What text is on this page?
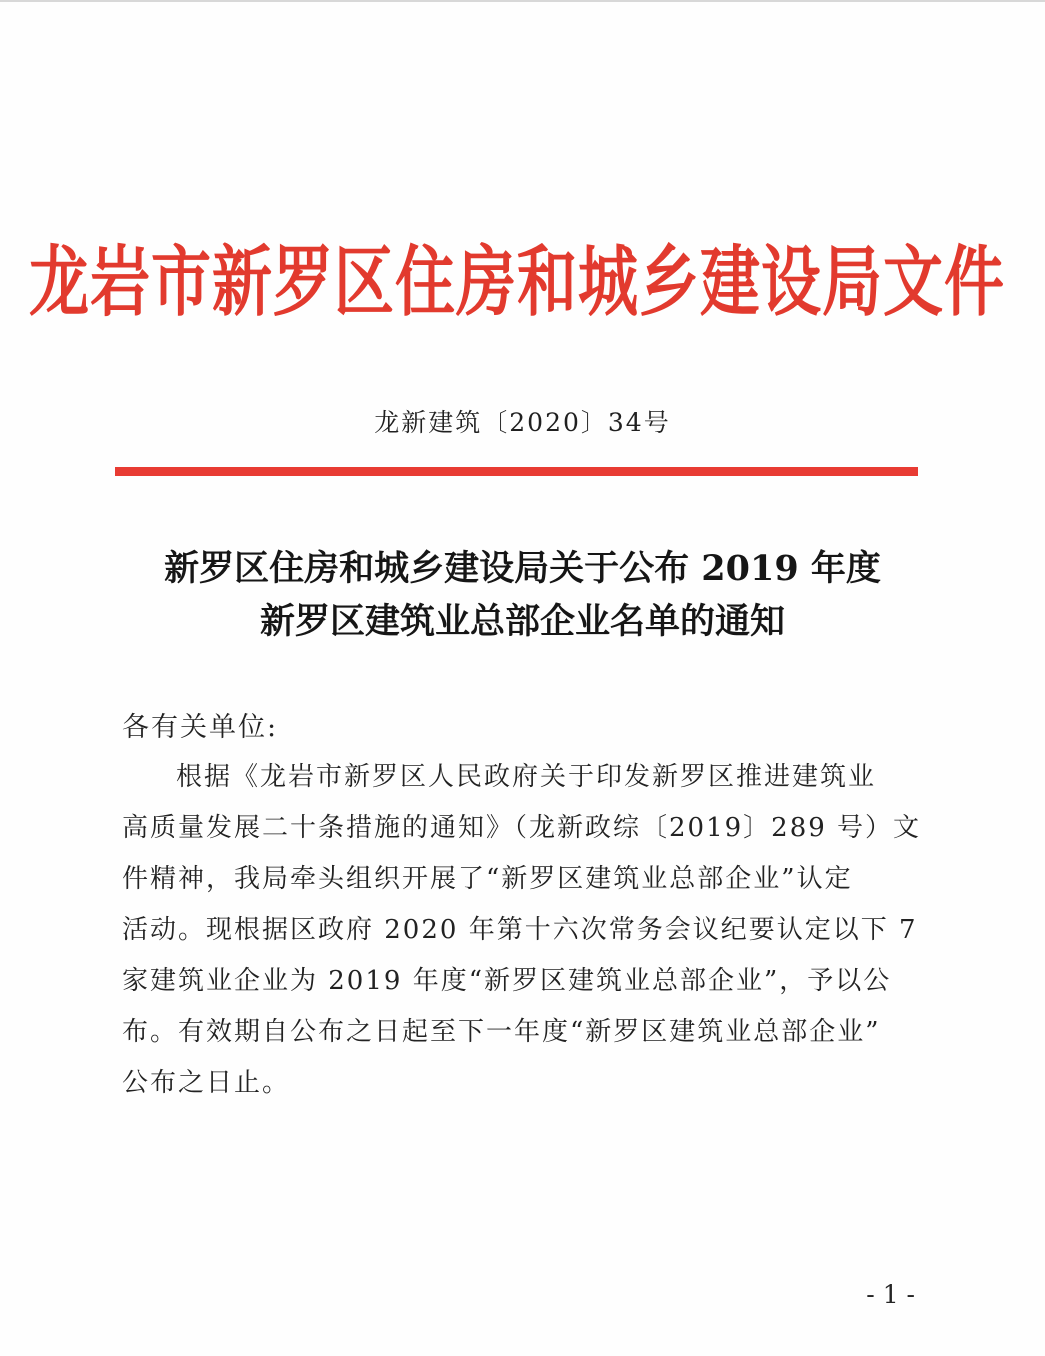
龙岩市新罗区住房和城乡建设局文件
龙新建筑〔2020〕34号
新罗区住房和城乡建设局关于公布 2019 年度
新罗区建筑业总部企业名单的通知
各有关单位:
根据《龙岩市新罗区人民政府关于印发新罗区推进建筑业
高质量发展二十条措施的通知》（龙新政综〔2019〕289 号）文
件精神，我局牵头组织开展了“新罗区建筑业总部企业”认定
活动。现根据区政府 2020 年第十六次常务会议纪要认定以下 7
家建筑业企业为 2019 年度“新罗区建筑业总部企业”，予以公
布。有效期自公布之日起至下一年度“新罗区建筑业总部企业”
公布之日止。
- 1 -
